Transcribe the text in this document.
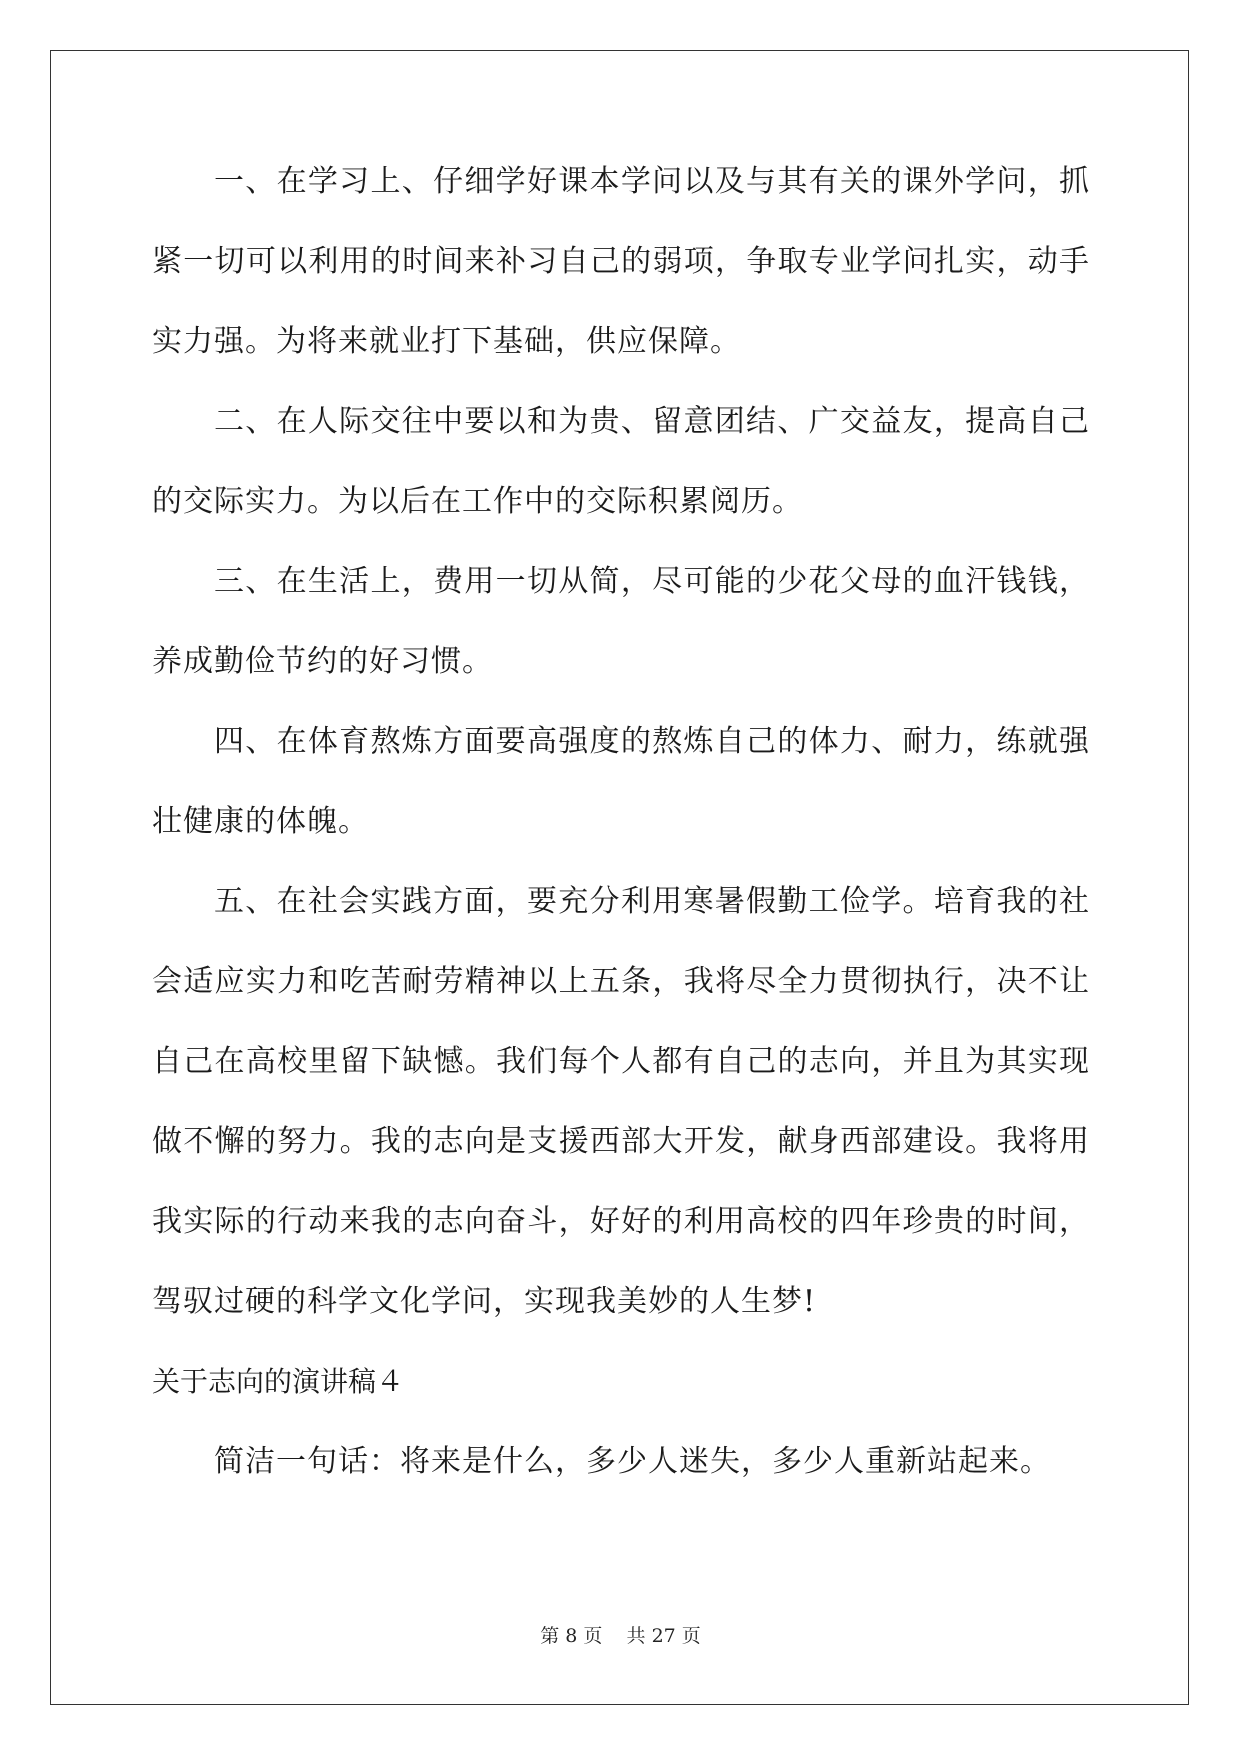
一、在学习上、仔细学好课本学问以及与其有关的课外学问，抓
紧一切可以利用的时间来补习自己的弱项，争取专业学问扎实，动手
实力强。为将来就业打下基础，供应保障。
二、在人际交往中要以和为贵、留意团结、广交益友，提高自己
的交际实力。为以后在工作中的交际积累阅历。
三、在生活上，费用一切从简，尽可能的少花父母的血汗钱钱，
养成勤俭节约的好习惯。
四、在体育熬炼方面要高强度的熬炼自己的体力、耐力，练就强
壮健康的体魄。
五、在社会实践方面，要充分利用寒暑假勤工俭学。培育我的社
会适应实力和吃苦耐劳精神以上五条，我将尽全力贯彻执行，决不让
自己在高校里留下缺憾。我们每个人都有自己的志向，并且为其实现
做不懈的努力。我的志向是支援西部大开发，献身西部建设。我将用
我实际的行动来我的志向奋斗，好好的利用高校的四年珍贵的时间，
驾驭过硬的科学文化学问，实现我美妙的人生梦!
关于志向的演讲稿４
简洁一句话：将来是什么，多少人迷失，多少人重新站起来。
第 8 页 共 27 页
